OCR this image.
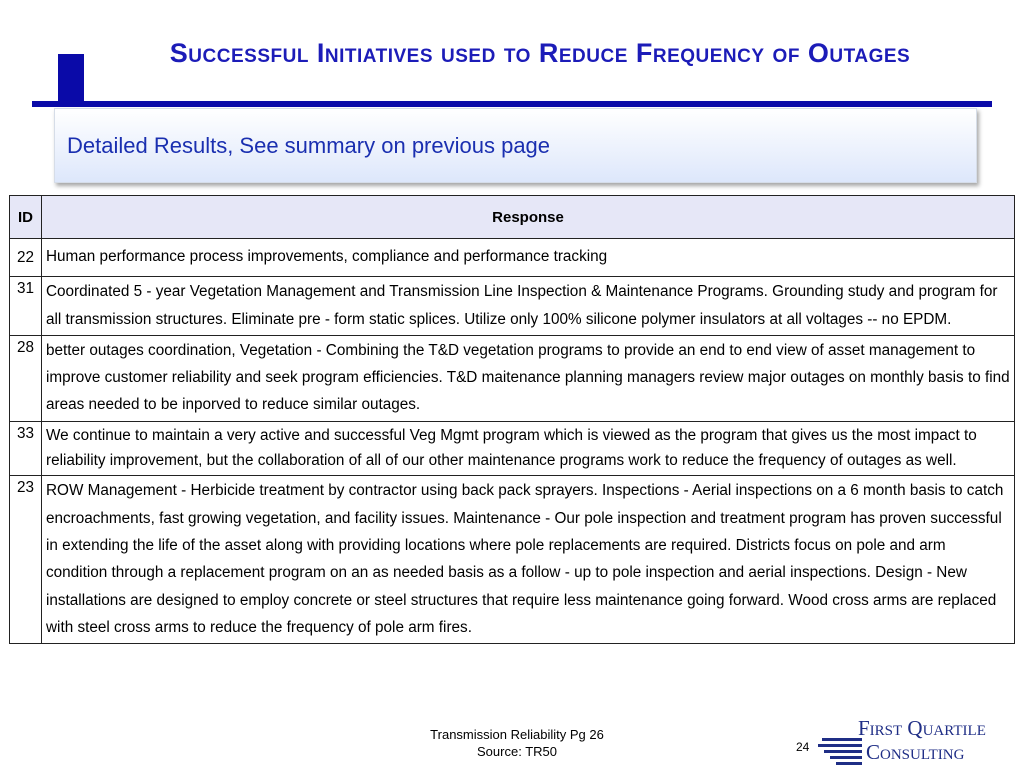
Successful Initiatives used to Reduce Frequency of Outages
Detailed Results, See summary on previous page
ID	Response
22	Human performance process improvements, compliance and performance tracking
31	Coordinated 5 - year Vegetation Management and Transmission Line Inspection & Maintenance Programs. Grounding study and program for all transmission structures. Eliminate pre - form static splices. Utilize only 100% silicone polymer insulators at all voltages -- no EPDM.
28	better outages coordination, Vegetation - Combining the T&D vegetation programs to provide an end to end view of asset management to improve customer reliability and seek program efficiencies. T&D maitenance planning managers review major outages on monthly basis to find areas needed to be inporved to reduce similar outages.
33	We continue to maintain a very active and successful Veg Mgmt program which is viewed as the program that gives us the most impact to reliability improvement, but the collaboration of all of our other maintenance programs work to reduce the frequency of outages as well.
23	ROW Management - Herbicide treatment by contractor using back pack sprayers. Inspections - Aerial inspections on a 6 month basis to catch encroachments, fast growing vegetation, and facility issues. Maintenance - Our pole inspection and treatment program has proven successful in extending the life of the asset along with providing locations where pole replacements are required. Districts focus on pole and arm condition through a replacement program on an as needed basis as a follow - up to pole inspection and aerial inspections. Design - New installations are designed to employ concrete or steel structures that require less maintenance going forward. Wood cross arms are replaced with steel cross arms to reduce the frequency of pole arm fires.
Transmission Reliability Pg 26
Source: TR50	24
First Quartile
Consulting
